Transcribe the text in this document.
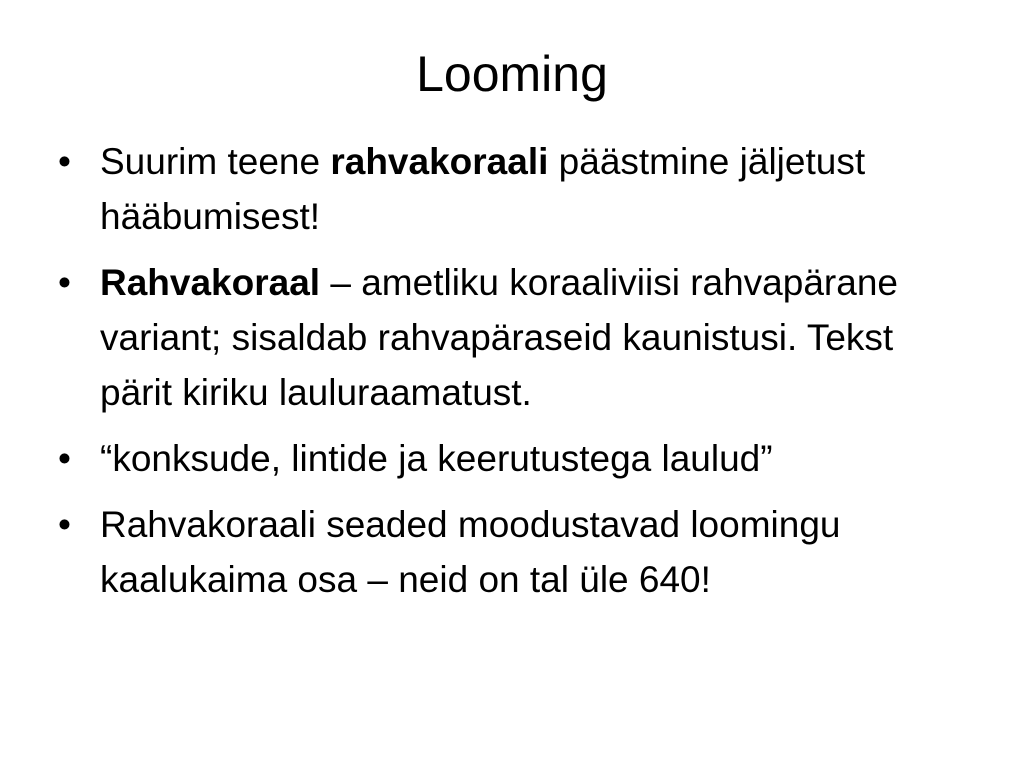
Looming
• Suurim teene rahvakoraali päästmine jäljetust hääbumisest!
• Rahvakoraal – ametliku koraaliviisi rahvapärane variant; sisaldab rahvapäraseid kaunistusi. Tekst pärit kiriku lauluraamatust.
• “konksude, lintide ja keerutustega laulud”
• Rahvakoraali seaded moodustavad loomingu kaalukaima osa – neid on tal üle 640!
